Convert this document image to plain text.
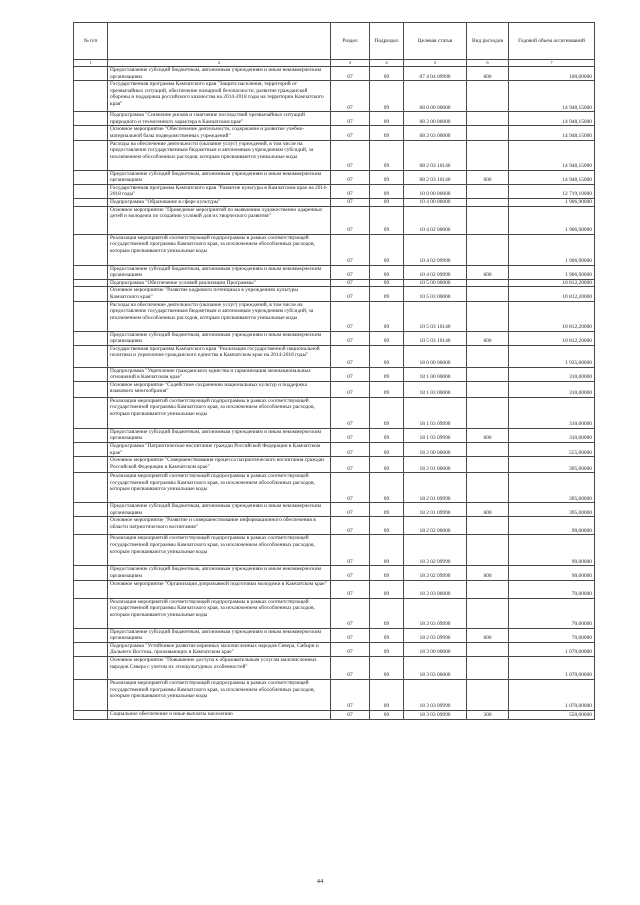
№ п/п		Раздел	Подраздел	Целевая статья	Вид расходов	Годовой объем ассигнований
1	2	3	4	5	6	7
	Предоставление субсидий бюджетным, автономным учреждениям и иным некоммерческим организациям	07	09	07 4 04 09990	600	100,00000
	Государственная программа Камчатского края "Защита населения, территорий от чрезвычайных ситуаций, обеспечение пожарной безопасности, развитие гражданской обороны и поддержка российского казачества на 2014-2018 годы на территории Камчатского края"	07	09	08 0 00 00000		14 948,15000
	Подпрограмма "Снижение рисков и смягчение последствий чрезвычайных ситуаций природного и техногенного характера в Камчатском крае"	07	09	08 2 00 00000		14 948,15000
	Основное мероприятие "Обеспечение деятельности, содержание и развитие учебно-материальной базы подведомственных учреждений"	07	09	08 2 03 00000		14 948,15000
	Расходы на обеспечение деятельности (оказание услуг) учреждений, в том числе на предоставление государственным бюджетным и автономным учреждениям субсидий, за исключением обособленных расходов, которым присваиваются уникальные коды	07	09	08 2 03 10140		14 948,15000
	Предоставление субсидий бюджетным, автономным учреждениям и иным некоммерческим организациям	07	09	08 2 03 10140	600	14 948,15000
	Государственная программа Камчатского края "Развитие культуры в Камчатском крае на 2014-2018 годы"	07	09	10 0 00 00000		12 719,10000
	Подпрограмма "Образование в сфере культуры"	07	09	10 4 00 00000		1 906,90000
	Основное мероприятие "Проведение мероприятий по выявлению художественно одаренных детей и молодежи по созданию условий для их творческого развития"	07	09	10 4 02 00000		1 906,90000
	Реализация мероприятий соответствующей подпрограммы в рамках соответствующей государственной программы Камчатского края, за исключением обособленных расходов, которым присваиваются уникальные коды	07	09	10 4 02 09990		1 906,90000
	Предоставление субсидий бюджетным, автономным учреждениям и иным некоммерческим организациям	07	09	10 4 02 09990	600	1 906,90000
	Подпрограмма "Обеспечение условий реализации Программы"	07	09	10 5 00 00000		10 812,20000
	Основное мероприятие "Развитие кадрового потенциала в учреждениях культуры Камчатского края"	07	09	10 5 03 00000		10 812,20000
	Расходы на обеспечение деятельности (оказание услуг) учреждений, в том числе на предоставление государственным бюджетным и автономным учреждениям субсидий, за исключением обособленных расходов, которым присваиваются уникальные коды	07	09	10 5 03 10140		10 812,20000
	Предоставление субсидий бюджетным, автономным учреждениям и иным некоммерческим организациям	07	09	10 5 03 10140	600	10 812,20000
	Государственная программа Камчатского края "Реализация государственной национальной политики и укрепление гражданского единства в Камчатском крае на 2014-2018 годы"	07	09	18 0 00 00000		1 935,00000
	Подпрограмма "Укрепление гражданского единства и гармонизация межнациональных отношений в Камчатском крае"	07	09	18 1 00 00000		310,00000
	Основное мероприятие "Содействие сохранению национальных культур и поддержка языкового многообразия"	07	09	18 1 03 00000		310,00000
	Реализация мероприятий соответствующей подпрограммы в рамках соответствующей государственной программы Камчатского края, за исключением обособленных расходов, которым присваиваются уникальные коды	07	09	18 1 03 09990		310,00000
	Предоставление субсидий бюджетным, автономным учреждениям и иным некоммерческим организациям	07	09	18 1 03 09990	600	310,00000
	Подпрограмма "Патриотическое воспитание граждан Российской Федерации в Камчатском крае"	07	09	18 2 00 00000		555,00000
	Основное мероприятие "Совершенствования процесса патриотического воспитания граждан Российской Федерации в Камчатском крае"	07	09	18 2 01 00000		395,00000
	Реализация мероприятий соответствующей подпрограммы в рамках соответствующей государственной программы Камчатского края, за исключением обособленных расходов, которым присваиваются уникальные коды	07	09	18 2 01 09990		395,00000
	Предоставление субсидий бюджетным, автономным учреждениям и иным некоммерческим организациям	07	09	18 2 01 09990	600	395,00000
	Основное мероприятие "Развитие и совершенствование информационного обеспечения в области патриотического воспитания"	07	09	18 2 02 00000		90,00000
	Реализация мероприятий соответствующей подпрограммы в рамках соответствующей государственной программы Камчатского края, за исключением обособленных расходов, которым присваиваются уникальные коды	07	09	18 2 02 09990		90,00000
	Предоставление субсидий бюджетным, автономным учреждениям и иным некоммерческим организациям	07	09	18 2 02 09990	600	90,00000
	Основное мероприятие "Организация допризывной подготовки молодежи в Камчатском крае"	07	09	18 2 03 00000		70,00000
	Реализация мероприятий соответствующей подпрограммы в рамках соответствующей государственной программы Камчатского края, за исключением обособленных расходов, которым присваиваются уникальные коды	07	09	18 2 03 09990		70,00000
	Предоставление субсидий бюджетным, автономным учреждениям и иным некоммерческим организациям	07	09	18 2 03 09990	600	70,00000
	Подпрограмма "Устойчивое развитие коренных малочисленных народов Севера, Сибири и Дальнего Востока, проживающих в Камчатском крае"	07	09	18 3 00 00000		1 070,00000
	Основное мероприятие "Повышение доступа к образовательным услугам малочисленных народов Севера с учетом их этнокультурных особенностей"	07	09	18 3 03 00000		1 070,00000
	Реализация мероприятий соответствующей подпрограммы в рамках соответствующей государственной программы Камчатского края, за исключением обособленных расходов, которым присваиваются уникальные коды	07	09	18 3 03 09990		1 070,00000
	Социальное обеспечение и иные выплаты населению	07	09	18 3 03 09990	300	550,00000
44
